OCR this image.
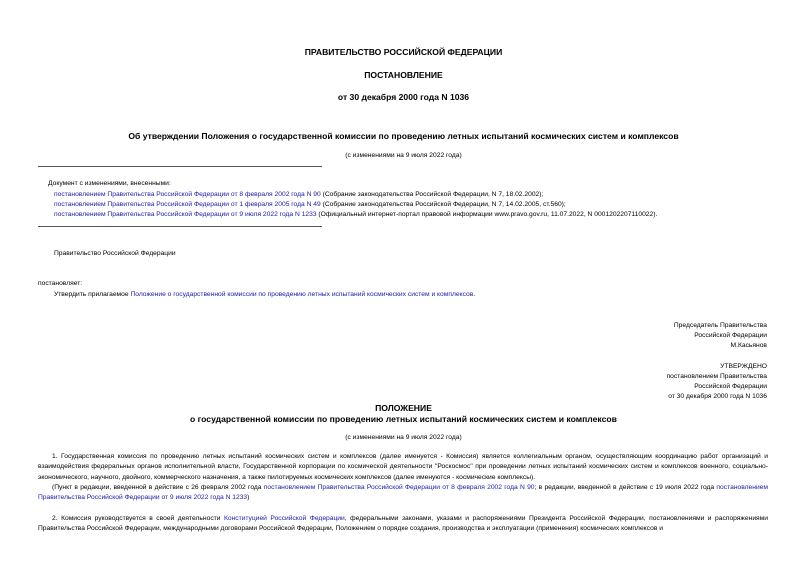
ПРАВИТЕЛЬСТВО РОССИЙСКОЙ ФЕДЕРАЦИИ
ПОСТАНОВЛЕНИЕ
от 30 декабря 2000 года N 1036
Об утверждении Положения о государственной комиссии по проведению летных испытаний космических систем и комплексов
(с изменениями на 9 июля 2022 года)
Документ с изменениями, внесенными:
постановлением Правительства Российской Федерации от 8 февраля 2002 года N 90 (Собрание законодательства Российской Федерации, N 7, 18.02.2002);
постановлением Правительства Российской Федерации от 1 февраля 2005 года N 49 (Собрание законодательства Российской Федерации, N 7, 14.02.2005, ст.560);
постановлением Правительства Российской Федерации от 9 июля 2022 года N 1233 (Официальный интернет-портал правовой информации www.pravo.gov.ru, 11.07.2022, N 0001202207110022).
Правительство Российской Федерации
постановляет:
Утвердить прилагаемое Положение о государственной комиссии по проведению летных испытаний космических систем и комплексов.
Председатель Правительства
Российской Федерации
М.Касьянов
УТВЕРЖДЕНО
постановлением Правительства
Российской Федерации
от 30 декабря 2000 года N 1036
ПОЛОЖЕНИЕ
о государственной комиссии по проведению летных испытаний космических систем и комплексов
(с изменениями на 9 июля 2022 года)
1. Государственная комиссия по проведению летных испытаний космических систем и комплексов (далее именуется - Комиссия) является коллегиальным органом, осуществляющим координацию работ организаций и взаимодействия федеральных органов исполнительной власти, Государственной корпорации по космической деятельности "Роскосмос" при проведении летных испытаний космических систем и комплексов военного, социально-экономического, научного, двойного, коммерческого назначения, а также пилотируемых космических комплексов (далее именуются - космические комплексы).
(Пункт в редакции, введенной в действие с 26 февраля 2002 года постановлением Правительства Российской Федерации от 8 февраля 2002 года N 90; в редакции, введенной в действие с 19 июля 2022 года постановлением Правительства Российской Федерации от 9 июля 2022 года N 1233)
2. Комиссия руководствуется в своей деятельности Конституцией Российской Федерации, федеральными законами, указами и распоряжениями Президента Российской Федерации, постановлениями и распоряжениями Правительства Российской Федерации, международными договорами Российской Федерации, Положением о порядке создания, производства и эксплуатации (применения) космических комплексов и
